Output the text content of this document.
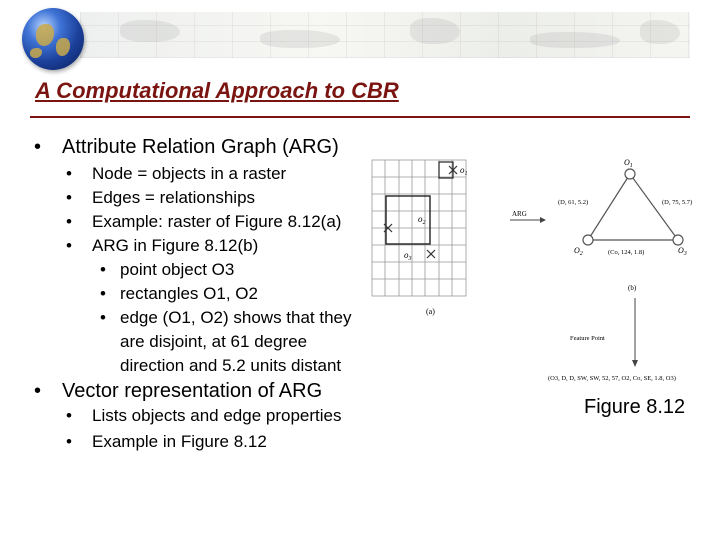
A Computational Approach to CBR
• Attribute Relation Graph (ARG)
• Node = objects in a raster
• Edges = relationships
• Example: raster of Figure 8.12(a)
• ARG in Figure 8.12(b)
• point object O3
• rectangles O1, O2
• edge (O1, O2) shows that they
are disjoint, at 61 degree
direction and 5.2 units distant
• Vector representation of ARG
• Lists objects and edge properties
• Example in Figure 8.12
$o_1$
$o_2$
$o_3$
(a)
ARG
$O_1$
$O_2$	$O_3$
(D, 61, 5.2)	(D, 75, 5.7)
(Co, 124, 1.8)
(b)
Feature Point
(O3, D, D, SW, SW, 52, 57, O2, Co, SE, 1.8, O3)
Figure 8.12
